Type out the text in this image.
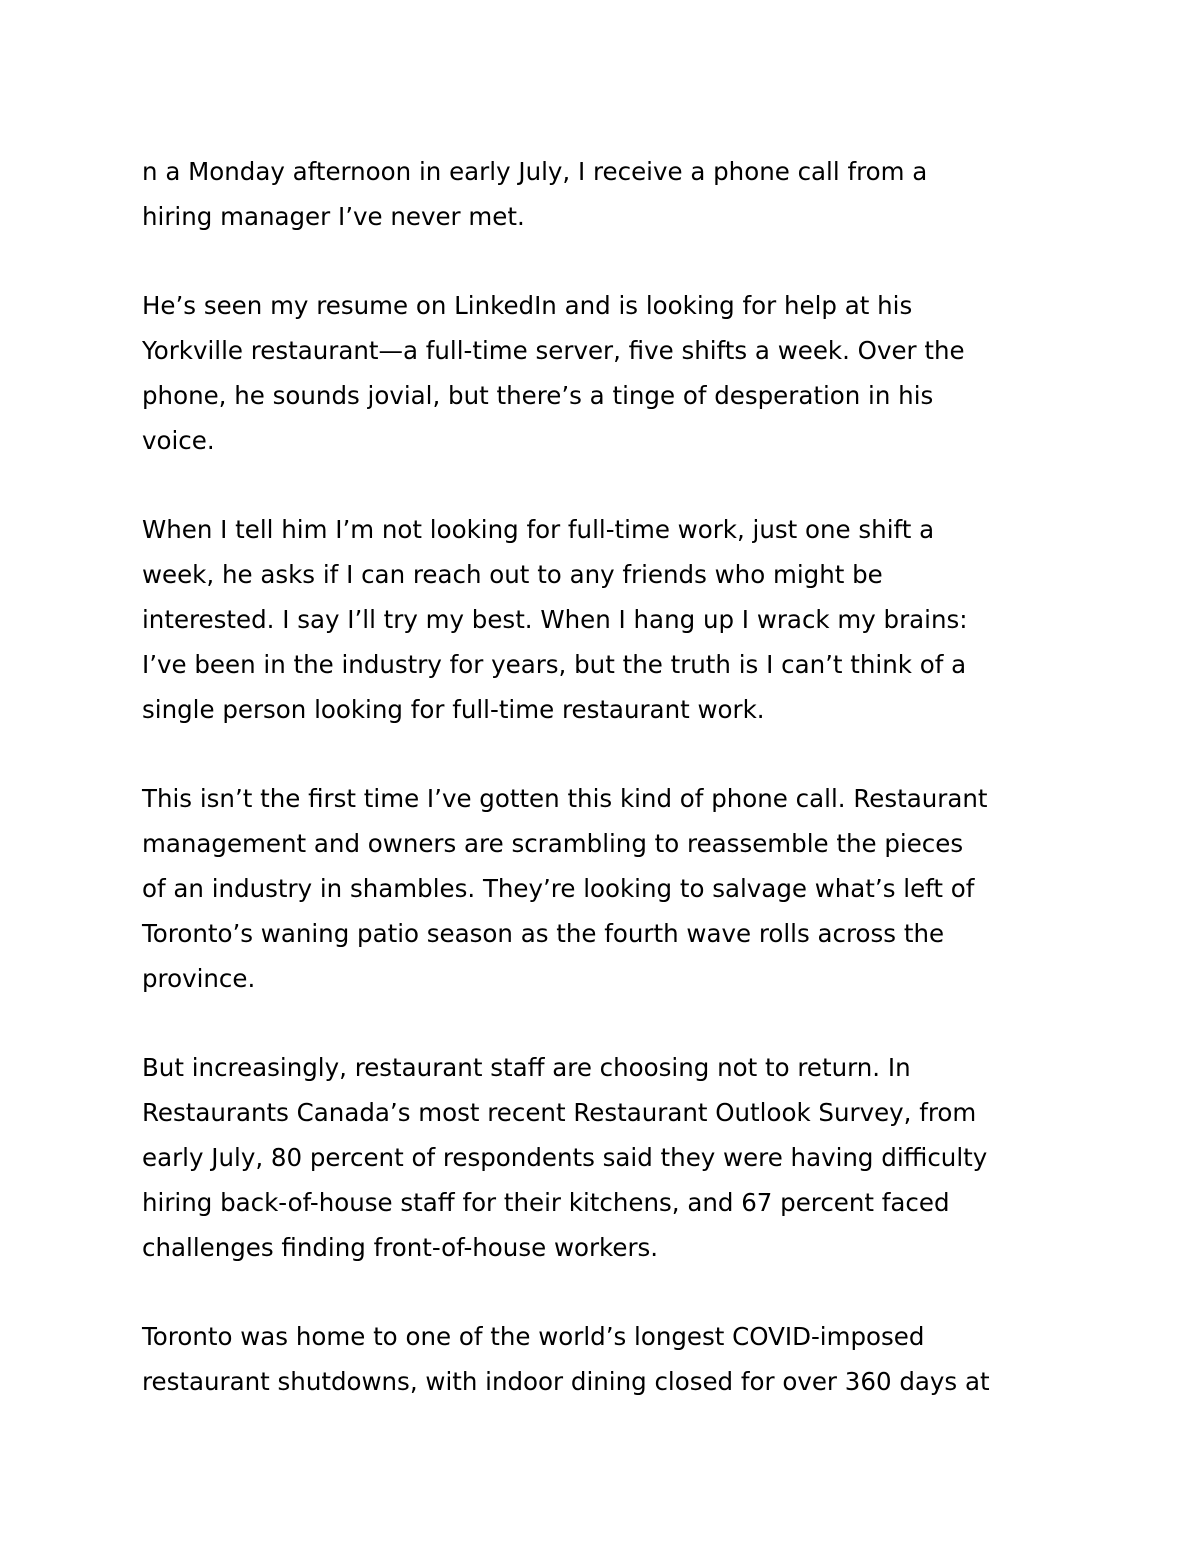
n a Monday afternoon in early July, I receive a phone call from a
hiring manager I’ve never met.

He’s seen my resume on LinkedIn and is looking for help at his
Yorkville restaurant—a full-time server, five shifts a week. Over the
phone, he sounds jovial, but there’s a tinge of desperation in his
voice.

When I tell him I’m not looking for full-time work, just one shift a
week, he asks if I can reach out to any friends who might be
interested. I say I’ll try my best. When I hang up I wrack my brains:
I’ve been in the industry for years, but the truth is I can’t think of a
single person looking for full-time restaurant work.

This isn’t the first time I’ve gotten this kind of phone call. Restaurant
management and owners are scrambling to reassemble the pieces
of an industry in shambles. They’re looking to salvage what’s left of
Toronto’s waning patio season as the fourth wave rolls across the
province.

But increasingly, restaurant staff are choosing not to return. In
Restaurants Canada’s most recent Restaurant Outlook Survey, from
early July, 80 percent of respondents said they were having difficulty
hiring back-of-house staff for their kitchens, and 67 percent faced
challenges finding front-of-house workers.

Toronto was home to one of the world’s longest COVID-imposed
restaurant shutdowns, with indoor dining closed for over 360 days at
